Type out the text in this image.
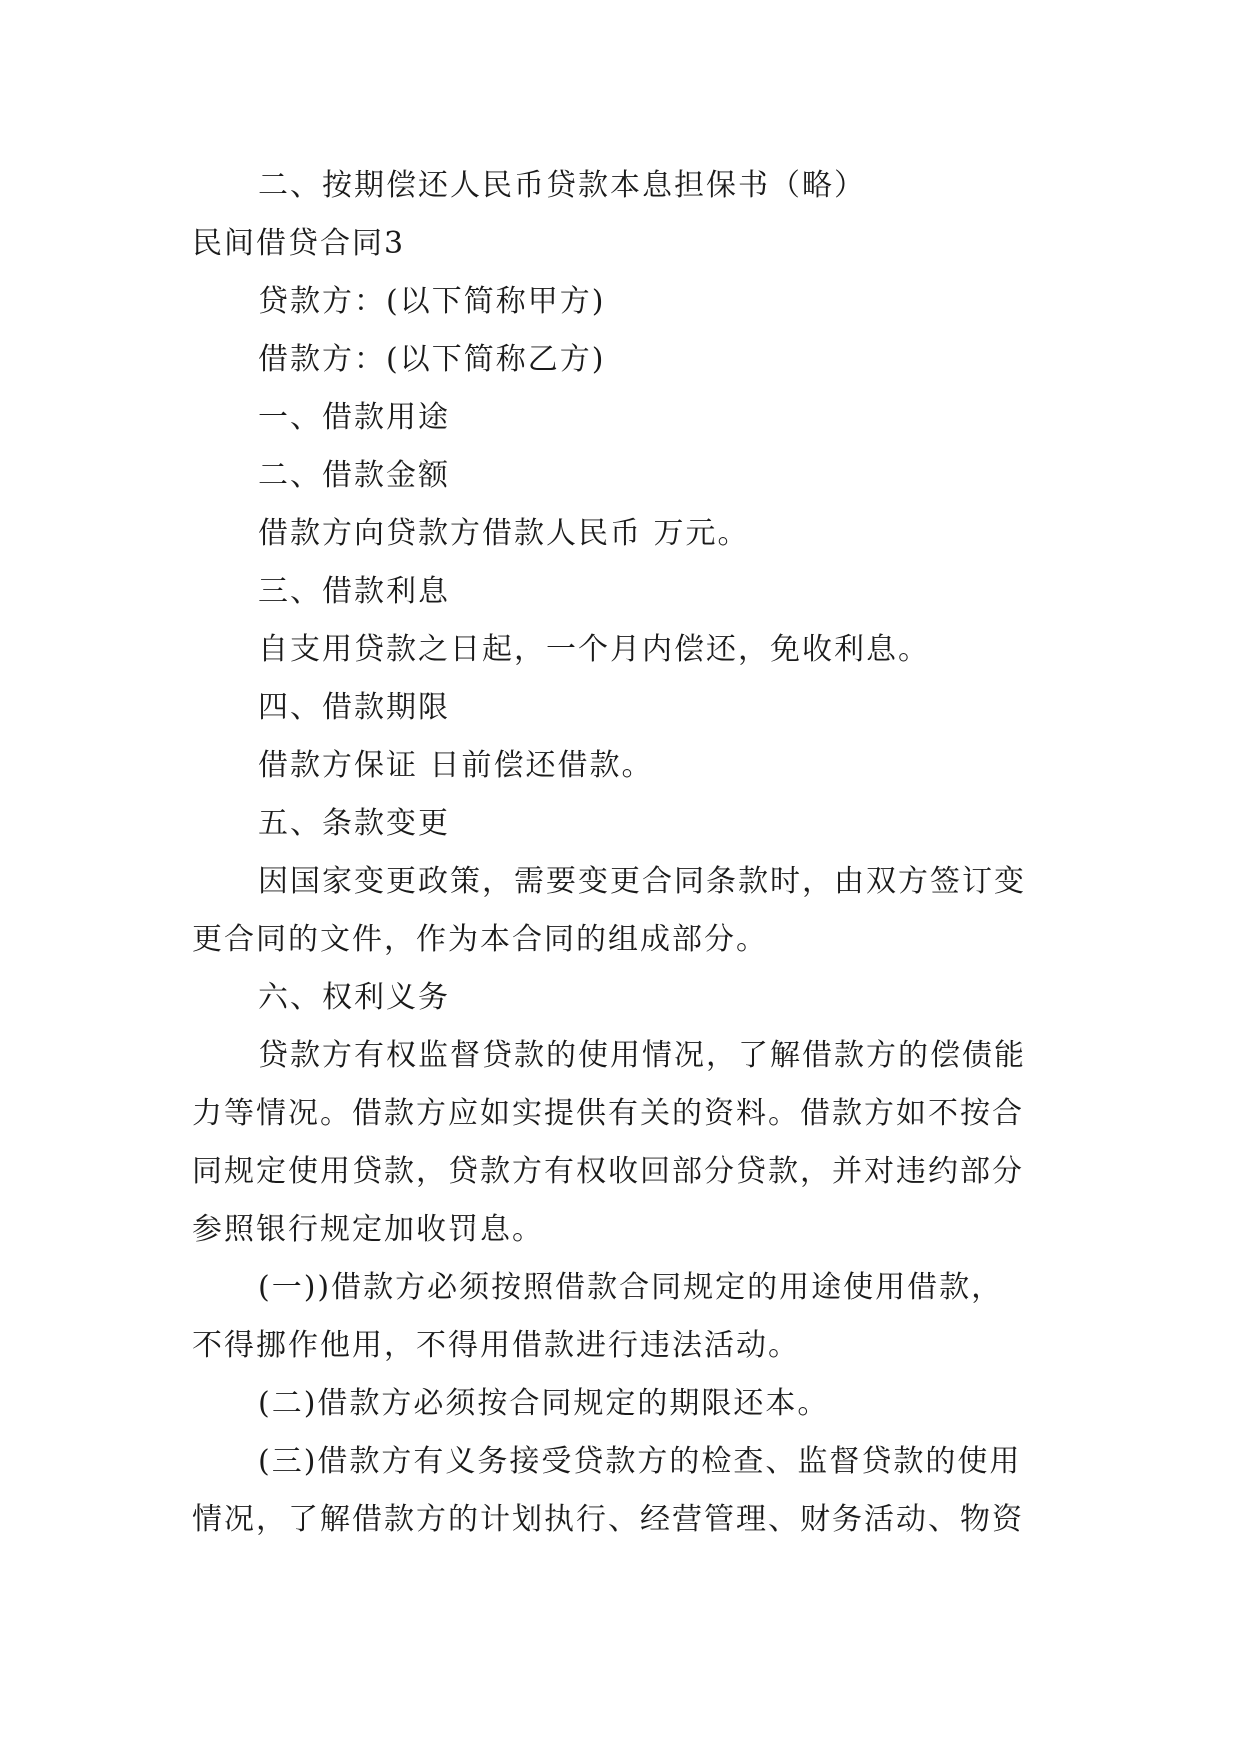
二、按期偿还人民币贷款本息担保书（略）

民间借贷合同3

贷款方：(以下简称甲方)

借款方：(以下简称乙方)

一、借款用途

二、借款金额

借款方向贷款方借款人民币 万元。

三、借款利息

自支用贷款之日起，一个月内偿还，免收利息。

四、借款期限

借款方保证 日前偿还借款。

五、条款变更

因国家变更政策，需要变更合同条款时，由双方签订变

更合同的文件，作为本合同的组成部分。

六、权利义务

贷款方有权监督贷款的使用情况，了解借款方的偿债能

力等情况。借款方应如实提供有关的资料。借款方如不按合

同规定使用贷款，贷款方有权收回部分贷款，并对违约部分

参照银行规定加收罚息。

(一))借款方必须按照借款合同规定的用途使用借款，

不得挪作他用，不得用借款进行违法活动。

(二)借款方必须按合同规定的期限还本。

(三)借款方有义务接受贷款方的检查、监督贷款的使用

情况，了解借款方的计划执行、经营管理、财务活动、物资
